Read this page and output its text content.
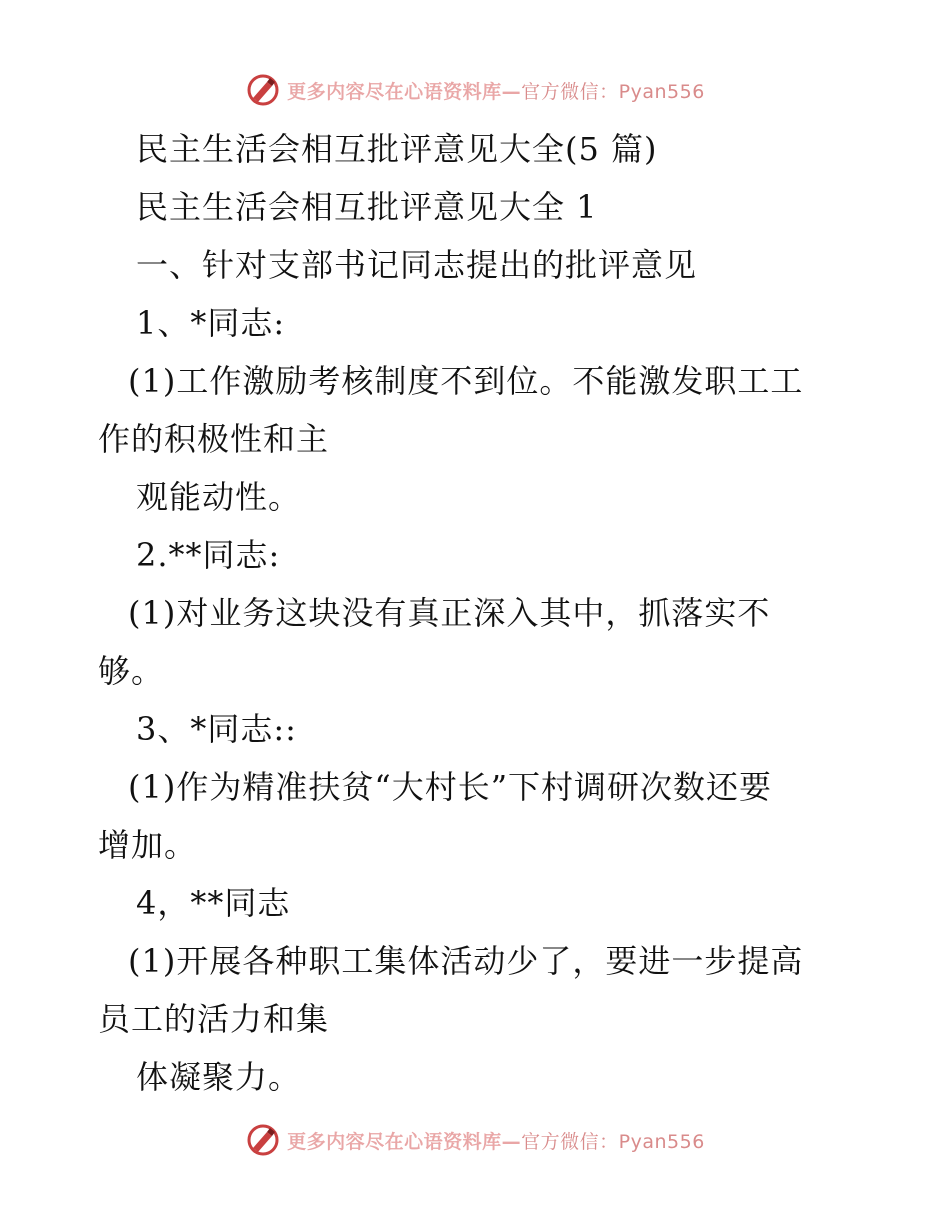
更多内容尽在心语资料库—官方微信：Pyan556
民主生活会相互批评意见大全(5 篇)
民主生活会相互批评意见大全 1
一、针对支部书记同志提出的批评意见
1、*同志:
(1)工作激励考核制度不到位。不能激发职工工
作的积极性和主
观能动性。
2.**同志:
(1)对业务这块没有真正深入其中，抓落实不
够。
3、*同志::
(1)作为精准扶贫“大村长”下村调研次数还要
增加。
4，**同志
(1)开展各种职工集体活动少了，要进一步提高
员工的活力和集
体凝聚力。
更多内容尽在心语资料库—官方微信：Pyan556
